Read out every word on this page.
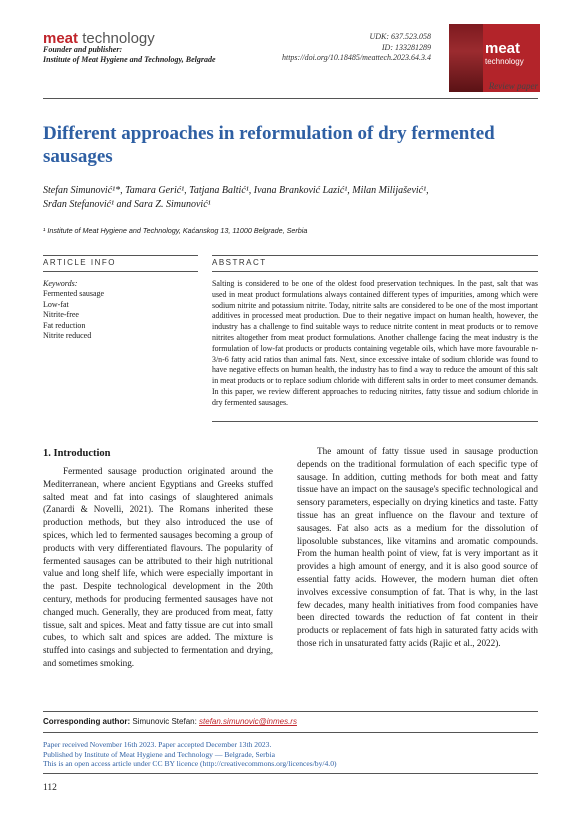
meat technology
Founder and publisher:
Institute of Meat Hygiene and Technology, Belgrade
UDK: 637.523.058
ID: 133281289
https://doi.org/10.18485/meattech.2023.64.3.4
meat
technology
Review paper
Different approaches in reformulation of dry fermented sausages
Stefan Simunović¹*, Tamara Gerić¹, Tatjana Baltić¹, Ivana Branković Lazić¹, Milan Milijašević¹,
Srđan Stefanović¹ and Sara Z. Simunović¹
¹ Institute of Meat Hygiene and Technology, Kaćanskog 13, 11000 Belgrade, Serbia
ARTICLE INFO	ABSTRACT
Keywords:
Fermented sausage
Low-fat
Nitrite-free
Fat reduction
Nitrite reduced
Salting is considered to be one of the oldest food preservation techniques. In the past, salt that was used in meat product formulations always contained different types of impurities, among which were sodium nitrite and potassium nitrite. Today, nitrite salts are considered to be one of the most important additives in processed meat production. Due to their negative impact on human health, however, the industry has a challenge to find suitable ways to reduce nitrite content in meat products or to remove nitrites altogether from meat product formulations. Another challenge facing the meat industry is the formulation of low-fat products or products containing vegetable oils, which have more favourable n-3/n-6 fatty acid ratios than animal fats. Next, since excessive intake of sodium chloride was found to have negative effects on human health, the industry has to find a way to reduce the amount of this salt in meat products or to replace sodium chloride with different salts in order to meet consumer demands. In this paper, we review different approaches to reducing nitrites, fatty tissue and sodium chloride in dry fermented sausages.
1. Introduction
Fermented sausage production originated around the Mediterranean, where ancient Egyptians and Greeks stuffed salted meat and fat into casings of slaughtered animals (Zanardi & Novelli, 2021). The Romans inherited these production methods, but they also introduced the use of spices, which led to fermented sausages becoming a group of products with very differentiated flavours. The popularity of fermented sausages can be attributed to their high nutritional value and long shelf life, which were especially important in the past. Despite technological development in the 20th century, methods for producing fermented sausages have not changed much. Generally, they are produced from meat, fatty tissue, salt and spices. Meat and fatty tissue are cut into small cubes, to which salt and spices are added. The mixture is stuffed into casings and subjected to fermentation and drying, and sometimes smoking.
The amount of fatty tissue used in sausage production depends on the traditional formulation of each specific type of sausage. In addition, cutting methods for both meat and fatty tissue have an impact on the sausage's specific technological and sensory parameters, especially on drying kinetics and taste. Fatty tissue has an great influence on the flavour and texture of sausages. Fat also acts as a medium for the dissolution of liposoluble substances, like vitamins and aromatic compounds. From the human health point of view, fat is very important as it provides a high amount of energy, and it is also good source of essential fatty acids. However, the modern human diet often involves excessive consumption of fat. That is why, in the last few decades, many health initiatives from food companies have been directed towards the reduction of fat content in their products or replacement of fats high in saturated fatty acids with those rich in unsaturated fatty acids (Rajic et al., 2022).
Corresponding author: Simunovic Stefan: stefan.simunovic@inmes.rs
Paper received November 16th 2023. Paper accepted December 13th 2023.
Published by Institute of Meat Hygiene and Technology — Belgrade, Serbia
This is an open access article under CC BY licence (http://creativecommons.org/licences/by/4.0)
112
